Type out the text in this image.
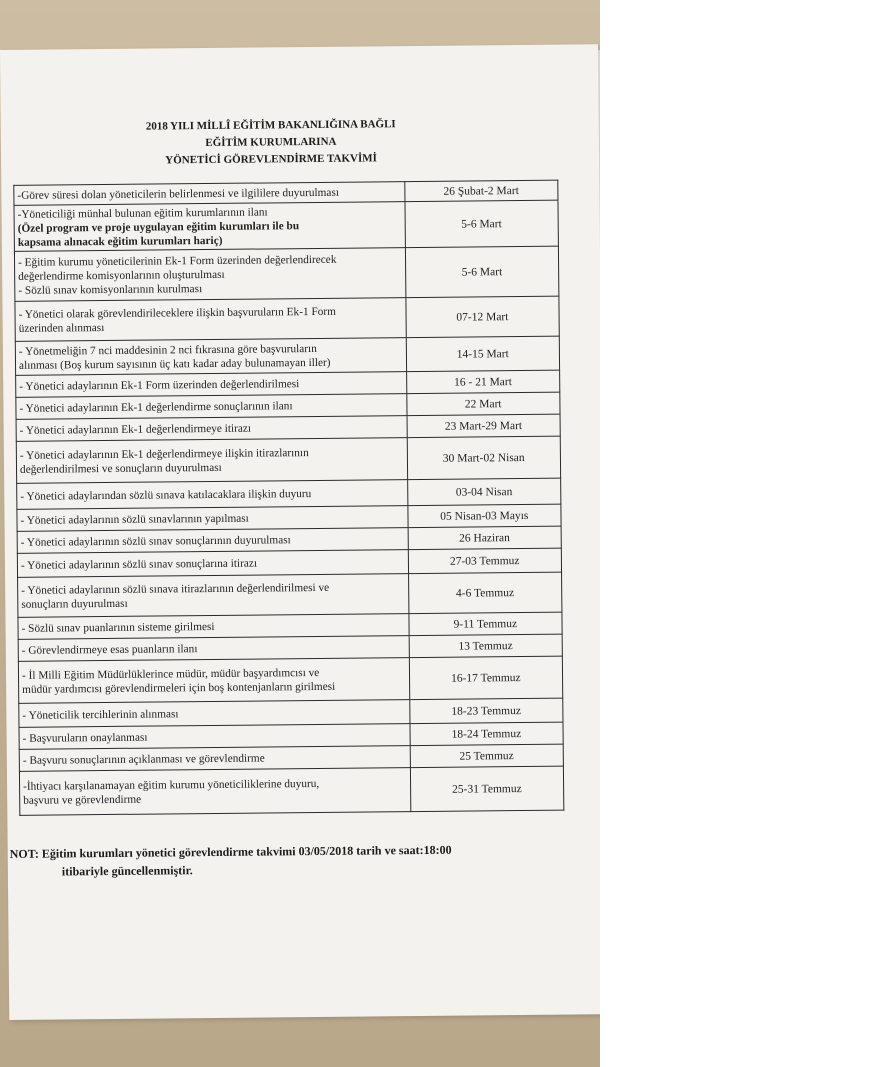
2018 YILI MİLLÎ EĞİTİM BAKANLIĞINA BAĞLI
EĞİTİM KURUMLARINA
YÖNETİCİ GÖREVLENDİRME TAKVİMİ
-Görev süresi dolan yöneticilerin belirlenmesi ve ilgililere duyurulması	26 Şubat-2 Mart

-Yöneticiliği münhal bulunan eğitim kurumlarının ilanı
(Özel program ve proje uygulayan eğitim kurumları ile bu
kapsama alınacak eğitim kurumları hariç)	5-6 Mart

- Eğitim kurumu yöneticilerinin Ek-1 Form üzerinden değerlendirecek
değerlendirme komisyonlarının oluşturulması
- Sözlü sınav komisyonlarının kurulması	5-6 Mart

- Yönetici olarak görevlendirileceklere ilişkin başvuruların Ek-1 Form
üzerinden alınması	07-12 Mart

- Yönetmeliğin 7 nci maddesinin 2 nci fıkrasına göre başvuruların
alınması (Boş kurum sayısının üç katı kadar aday bulunamayan iller)	14-15 Mart

- Yönetici adaylarının Ek-1 Form üzerinden değerlendirilmesi	16 - 21 Mart

- Yönetici adaylarının Ek-1 değerlendirme sonuçlarının ilanı	22 Mart

- Yönetici adaylarının Ek-1 değerlendirmeye itirazı	23 Mart-29 Mart

- Yönetici adaylarının Ek-1 değerlendirmeye ilişkin itirazlarının
değerlendirilmesi ve sonuçların duyurulması	30 Mart-02 Nisan

- Yönetici adaylarından sözlü sınava katılacaklara ilişkin duyuru	03-04 Nisan

- Yönetici adaylarının sözlü sınavlarının yapılması	05 Nisan-03 Mayıs

- Yönetici adaylarının sözlü sınav sonuçlarının duyurulması	26 Haziran

- Yönetici adaylarının sözlü sınav sonuçlarına itirazı	27-03 Temmuz

- Yönetici adaylarının sözlü sınava itirazlarının değerlendirilmesi ve
sonuçların duyurulması	4-6 Temmuz

- Sözlü sınav puanlarının sisteme girilmesi	9-11 Temmuz

- Görevlendirmeye esas puanların ilanı	13 Temmuz

- İl Milli Eğitim Müdürlüklerince müdür, müdür başyardımcısı ve
müdür yardımcısı görevlendirmeleri için boş kontenjanların girilmesi	16-17 Temmuz

- Yöneticilik tercihlerinin alınması	18-23 Temmuz

- Başvuruların onaylanması	18-24 Temmuz

- Başvuru sonuçlarının açıklanması ve görevlendirme	25 Temmuz

-İhtiyacı karşılanamayan eğitim kurumu yöneticiliklerine duyuru,
başvuru ve görevlendirme	25-31 Temmuz
NOT: Eğitim kurumları yönetici görevlendirme takvimi 03/05/2018 tarih ve saat:18:00
itibariyle güncellenmiştir.
